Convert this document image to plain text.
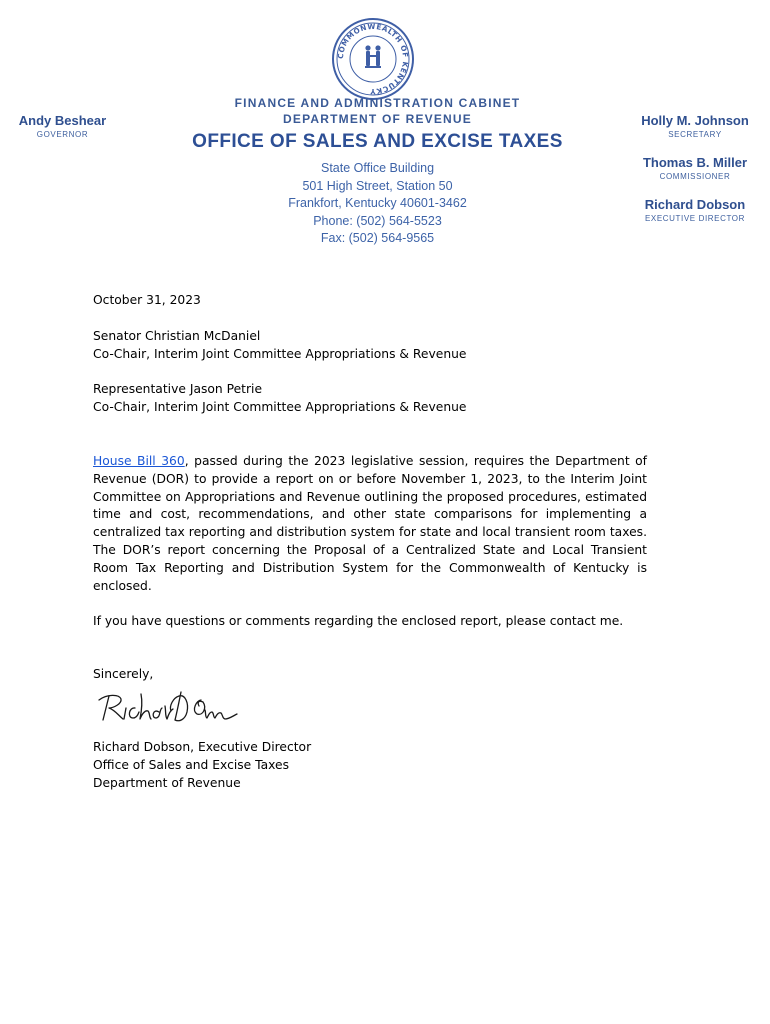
COMMONWEALTH OF KENTUCKY
Andy Beshear
GOVERNOR
FINANCE AND ADMINISTRATION CABINET
DEPARTMENT OF REVENUE
OFFICE OF SALES AND EXCISE TAXES
State Office Building
501 High Street, Station 50
Frankfort, Kentucky 40601-3462
Phone: (502) 564-5523
Fax: (502) 564-9565
Holly M. Johnson
SECRETARY
Thomas B. Miller
COMMISSIONER
Richard Dobson
EXECUTIVE DIRECTOR
October 31, 2023
Senator Christian McDaniel
Co-Chair, Interim Joint Committee Appropriations & Revenue
Representative Jason Petrie
Co-Chair, Interim Joint Committee Appropriations & Revenue
House Bill 360, passed during the 2023 legislative session, requires the Department of Revenue (DOR) to provide a report on or before November 1, 2023, to the Interim Joint Committee on Appropriations and Revenue outlining the proposed procedures, estimated time and cost, recommendations, and other state comparisons for implementing a centralized tax reporting and distribution system for state and local transient room taxes. The DOR’s report concerning the Proposal of a Centralized State and Local Transient Room Tax Reporting and Distribution System for the Commonwealth of Kentucky is enclosed.
If you have questions or comments regarding the enclosed report, please contact me.
Sincerely,
Richard Dobson, Executive Director
Office of Sales and Excise Taxes
Department of Revenue
